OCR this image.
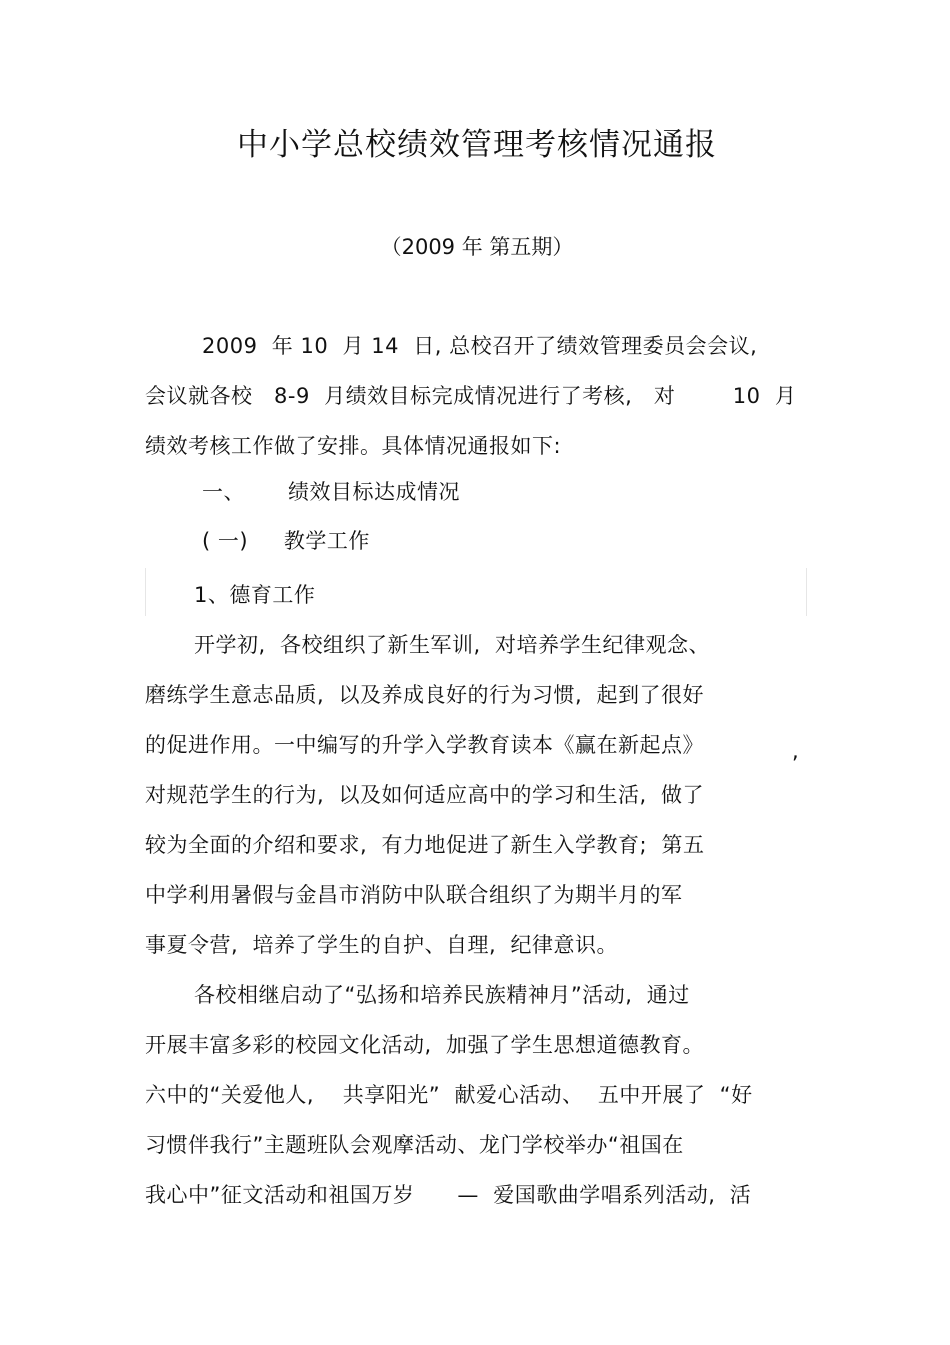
中小学总校绩效管理考核情况通报
（2009 年 第五期）
2009  年 10  月 14  日, 总校召开了绩效管理委员会会议,
会议就各校   8-9  月绩效目标完成情况进行了考核,   对        10  月
绩效考核工作做了安排。具体情况通报如下:
一、      绩效目标达成情况
( 一)     教学工作
1、德育工作
开学初,  各校组织了新生军训,  对培养学生纪律观念、
磨练学生意志品质,  以及养成良好的行为习惯,  起到了很好
的促进作用。一中编写的升学入学教育读本《赢在新起点》	,
对规范学生的行为,  以及如何适应高中的学习和生活,  做了
较为全面的介绍和要求,  有力地促进了新生入学教育;  第五
中学利用暑假与金昌市消防中队联合组织了为期半月的军
事夏令营,  培养了学生的自护、自理,  纪律意识。
各校相继启动了“弘扬和培养民族精神月”活动,  通过
开展丰富多彩的校园文化活动,  加强了学生思想道德教育。
六中的“关爱他人,    共享阳光”  献爱心活动、  五中开展了  “好
习惯伴我行”主题班队会观摩活动、龙门学校举办“祖国在
我心中”征文活动和祖国万岁      —  爱国歌曲学唱系列活动,  活
